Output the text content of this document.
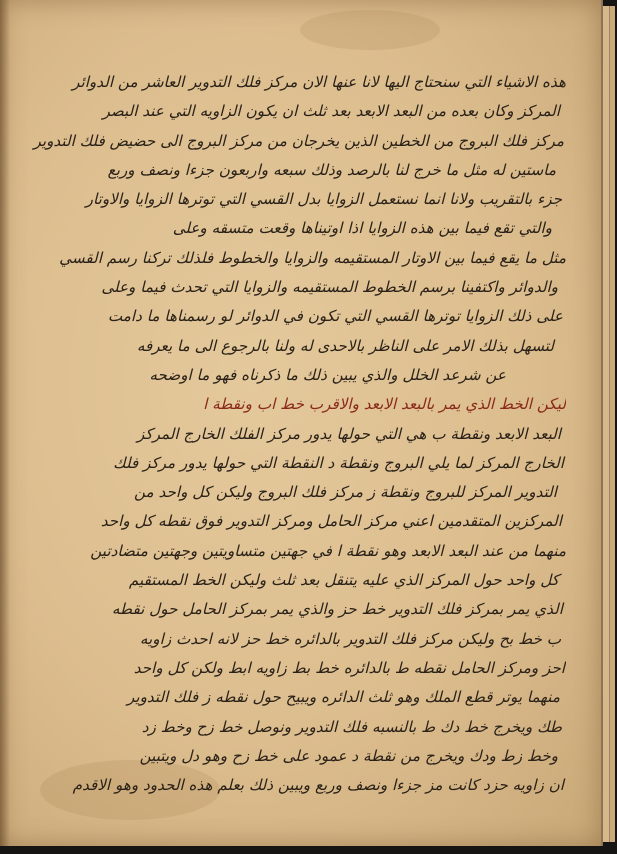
هذه الاشياء التي سنحتاج اليها لانا عنها الان مركز فلك التدوير العاشر من الدوائر
المركز وكان بعده من البعد الابعد بعد ثلث ان يكون الزاويه التي عند البصر
مركز فلك البروج من الخطين الذين يخرجان من مركز البروج الى حضيض فلك التدوير
ماستين له مثل ما خرج لنا بالرصد وذلك سبعه واربعون جزءا ونصف وربع
جزء بالتقريب ولانا انما نستعمل الزوايا بدل القسي التي توترها الزوايا والاوتار
والتي تقع فيما بين هذه الزوايا اذا اوتيناها وقعت متسقه وعلى
مثل ما يقع فيما بين الاوتار المستقيمه والزوايا والخطوط فلذلك تركنا رسم القسي
والدوائر واكتفينا برسم الخطوط المستقيمه والزوايا التي تحدث فيما وعلى
على ذلك الزوايا توترها القسي التي تكون في الدوائر لو رسمناها ما دامت
لتسهل بذلك الامر على الناظر بالاحدى له ولنا بالرجوع الى ما يعرفه
عن شرعد الخلل والذي يبين ذلك ما ذكرناه فهو ما اوضحه
ليكن الخط الذي يمر بالبعد الابعد والاقرب خط اب ونقطة ا
البعد الابعد ونقطة ب هي التي حولها يدور مركز الفلك الخارج المركز
الخارج المركز لما يلي البروج ونقطة د النقطة التي حولها يدور مركز فلك
التدوير المركز للبروج ونقطة ز مركز فلك البروج وليكن كل واحد من
المركزين المتقدمين اعني مركز الحامل ومركز التدوير فوق نقطه كل واحد
منهما من عند البعد الابعد وهو نقطة ا في جهتين متساويتين وجهتين متضادتين
كل واحد حول المركز الذي عليه يتنقل بعد ثلث وليكن الخط المستقيم
الذي يمر بمركز فلك التدوير خط حز والذي يمر بمركز الحامل حول نقطه
ب خط بح وليكن مركز فلك التدوير بالدائره خط حز لانه احدث زاويه
احز ومركز الحامل نقطه ط بالدائره خط بط زاويه ابط ولكن كل واحد
منهما يوتر قطع الملك وهو ثلث الدائره ويبيح حول نقطه ز فلك التدوير
طك ويخرج خط دك ط بالنسبه فلك التدوير ونوصل خط زح وخط زد
وخط زط ودك ويخرج من نقطة د عمود على خط زح وهو دل ويتبين
ان زاويه حزد كانت مز جزءا ونصف وربع ويبين ذلك بعلم هذه الحدود وهو الاقدم
